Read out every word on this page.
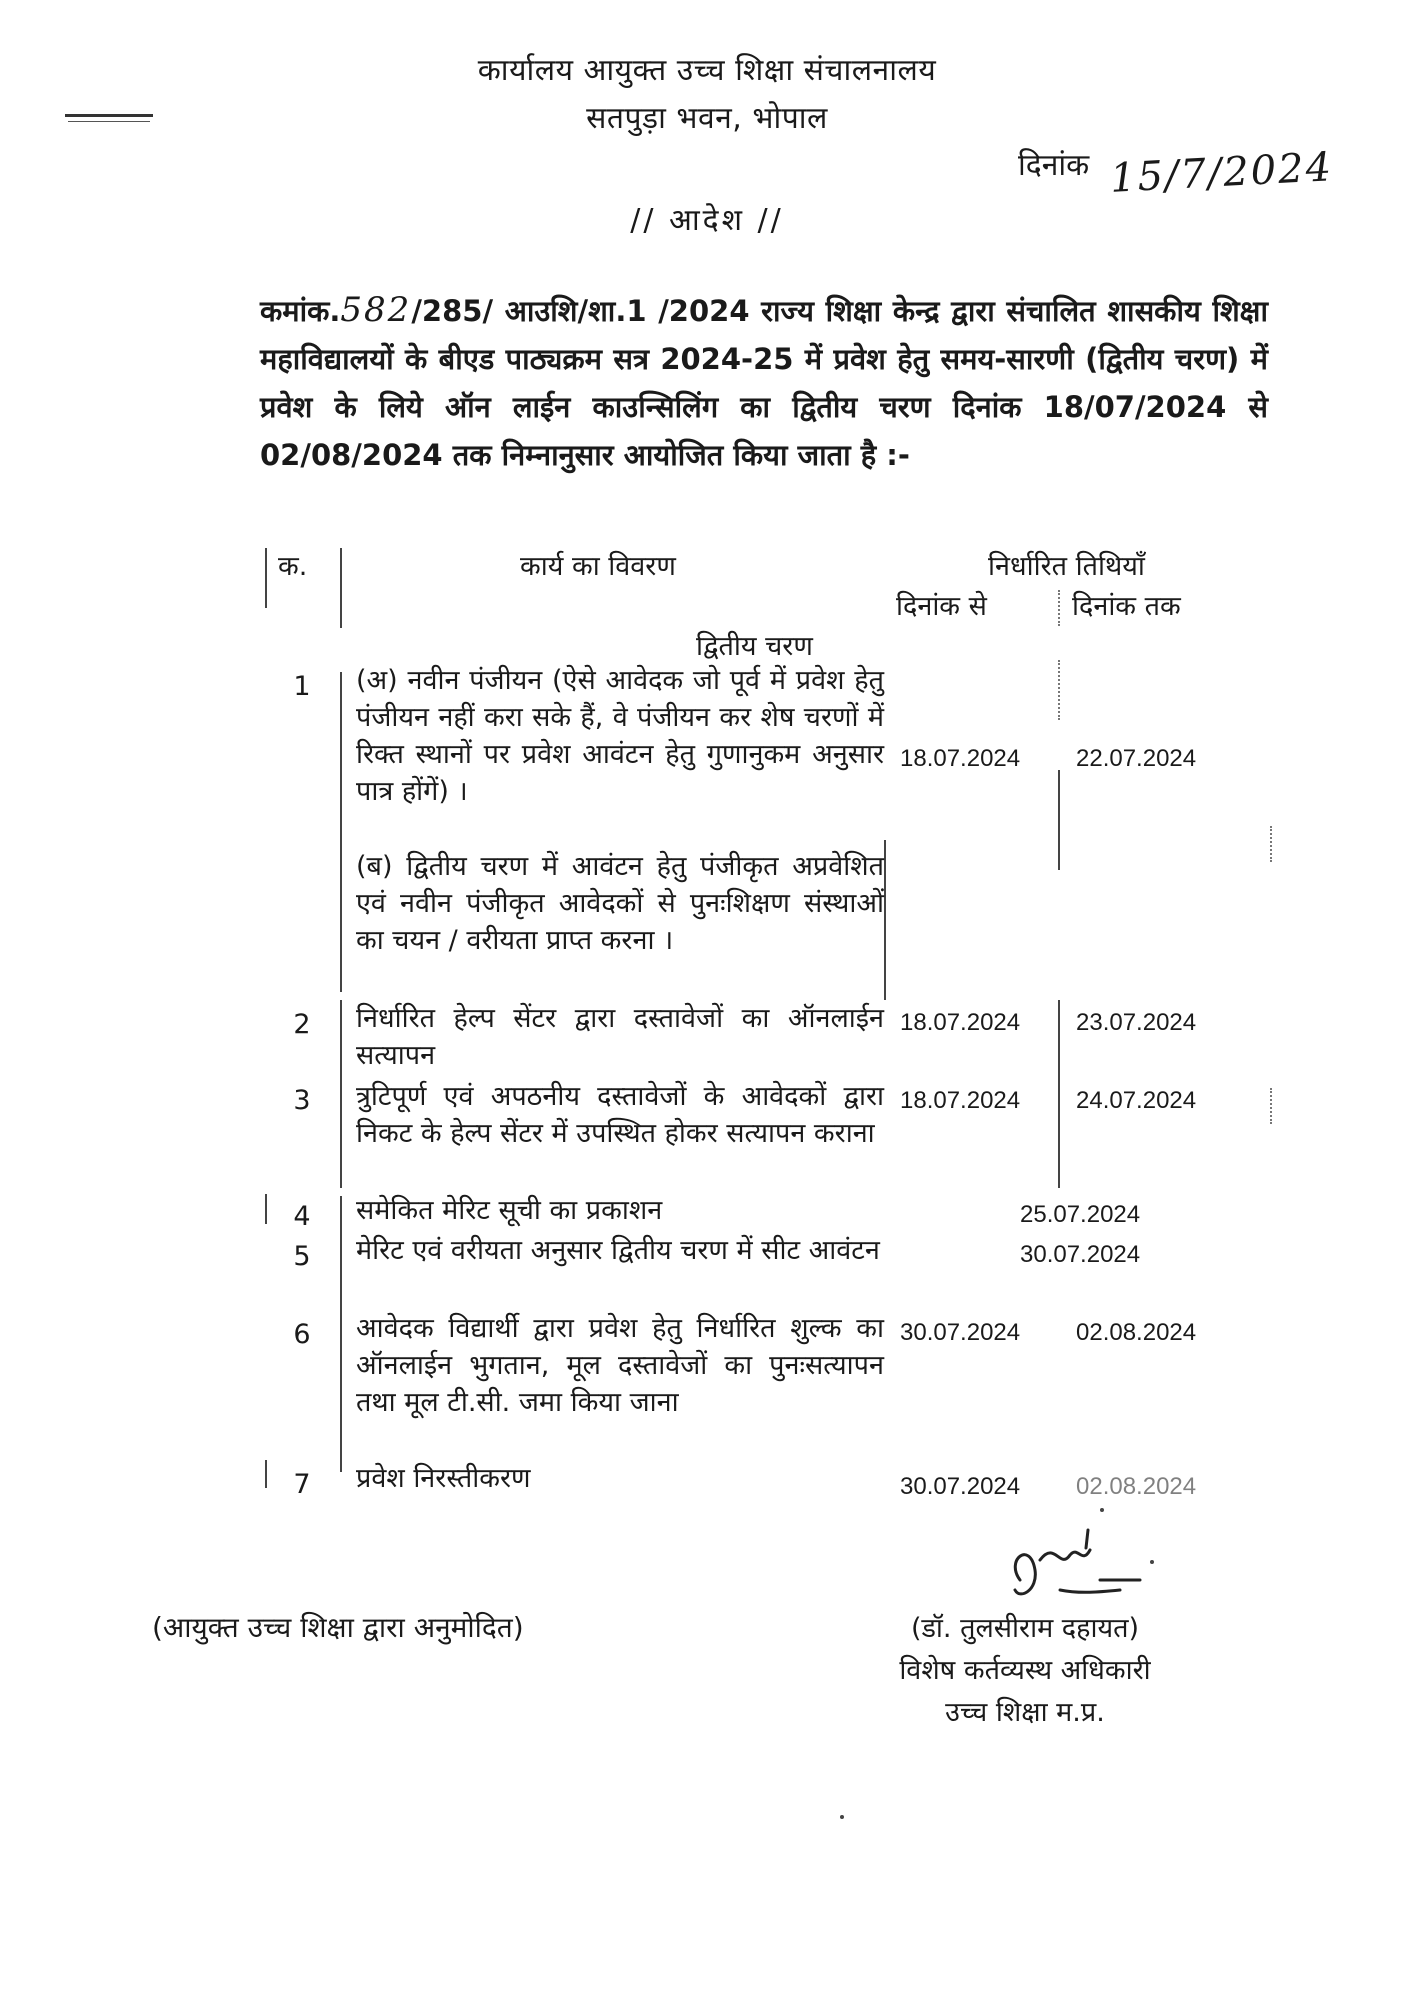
कार्यालय आयुक्त उच्च शिक्षा संचालनालय
सतपुड़ा भवन, भोपाल
दिनांक 15/7/2024
// आदेश //
कमांक.582/285/ आउशि/शा.1 /2024 राज्य शिक्षा केन्द्र द्वारा संचालित शासकीय शिक्षा महाविद्यालयों के बीएड पाठ्यक्रम सत्र 2024-25 में प्रवेश हेतु समय-सारणी (द्वितीय चरण) में प्रवेश के लिये ऑन लाईन काउन्सिलिंग का द्वितीय चरण दिनांक 18/07/2024 से 02/08/2024 तक निम्नानुसार आयोजित किया जाता है :-
क.	कार्य का विवरण	निर्धारित तिथियाँ
दिनांक से	दिनांक तक
द्वितीय चरण
1	(अ) नवीन पंजीयन (ऐसे आवेदक जो पूर्व में प्रवेश हेतु पंजीयन नहीं करा सके हैं, वे पंजीयन कर शेष चरणों में रिक्त स्थानों पर प्रवेश आवंटन हेतु गुणानुकम अनुसार पात्र होंगें) ।
(ब) द्वितीय चरण में आवंटन हेतु पंजीकृत अप्रवेशित एवं नवीन पंजीकृत आवेदकों से पुनःशिक्षण संस्थाओं का चयन / वरीयता प्राप्त करना ।
18.07.2024 22.07.2024
2	निर्धारित हेल्प सेंटर द्वारा दस्तावेजों का ऑनलाईन सत्यापन
18.07.2024 23.07.2024
3	त्रुटिपूर्ण एवं अपठनीय दस्तावेजों के आवेदकों द्वारा निकट के हेल्प सेंटर में उपस्थित होकर सत्यापन कराना
18.07.2024 24.07.2024
4	समेकित मेरिट सूची का प्रकाशन	25.07.2024
5	मेरिट एवं वरीयता अनुसार द्वितीय चरण में सीट आवंटन	30.07.2024
6	आवेदक विद्यार्थी द्वारा प्रवेश हेतु निर्धारित शुल्क का ऑनलाईन भुगतान, मूल दस्तावेजों का पुनःसत्यापन तथा मूल टी.सी. जमा किया जाना
30.07.2024 02.08.2024
7	प्रवेश निरस्तीकरण	30.07.2024 02.08.2024
(आयुक्त उच्च शिक्षा द्वारा अनुमोदित)	(डॉ. तुलसीराम दहायत)
विशेष कर्तव्यस्थ अधिकारी
उच्च शिक्षा म.प्र.
